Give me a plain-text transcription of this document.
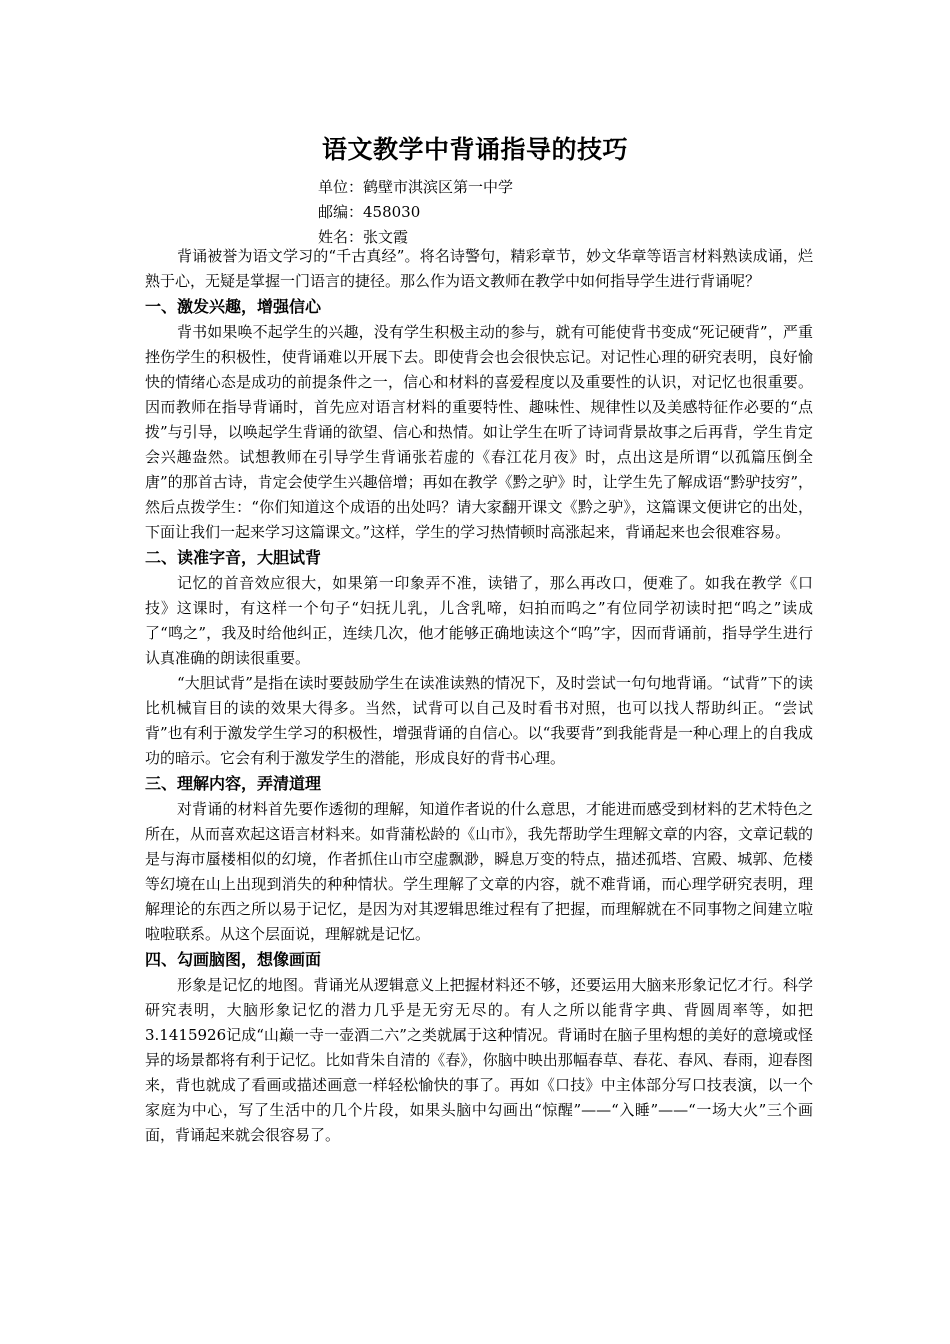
语文教学中背诵指导的技巧
单位：鹤壁市淇滨区第一中学
邮编：458030
姓名：张文霞

背诵被誉为语文学习的“千古真经”。将名诗警句，精彩章节，妙文华章等语言材料熟读成诵，烂熟于心，无疑是掌握一门语言的捷径。那么作为语文教师在教学中如何指导学生进行背诵呢？

一、激发兴趣，增强信心

背书如果唤不起学生的兴趣，没有学生积极主动的参与，就有可能使背书变成“死记硬背”，严重挫伤学生的积极性，使背诵难以开展下去。即使背会也会很快忘记。对记性心理的研究表明，良好愉快的情绪心态是成功的前提条件之一，信心和材料的喜爱程度以及重要性的认识，对记忆也很重要。因而教师在指导背诵时，首先应对语言材料的重要特性、趣味性、规律性以及美感特征作必要的“点拨”与引导，以唤起学生背诵的欲望、信心和热情。如让学生在听了诗词背景故事之后再背，学生肯定会兴趣盎然。试想教师在引导学生背诵张若虚的《春江花月夜》时，点出这是所谓“以孤篇压倒全唐”的那首古诗，肯定会使学生兴趣倍增；再如在教学《黔之驴》时，让学生先了解成语“黔驴技穷”，然后点拨学生：“你们知道这个成语的出处吗？请大家翻开课文《黔之驴》，这篇课文便讲它的出处，下面让我们一起来学习这篇课文。”这样，学生的学习热情顿时高涨起来，背诵起来也会很难容易。

二、读准字音，大胆试背

记忆的首音效应很大，如果第一印象弄不准，读错了，那么再改口，便难了。如我在教学《口技》这课时，有这样一个句子“妇抚儿乳，儿含乳啼，妇拍而呜之”有位同学初读时把“呜之”读成了“鸣之”，我及时给他纠正，连续几次，他才能够正确地读这个“呜”字，因而背诵前，指导学生进行认真准确的朗读很重要。

“大胆试背”是指在读时要鼓励学生在读准读熟的情况下，及时尝试一句句地背诵。“试背”下的读比机械盲目的读的效果大得多。当然，试背可以自己及时看书对照，也可以找人帮助纠正。“尝试背”也有利于激发学生学习的积极性，增强背诵的自信心。以“我要背”到我能背是一种心理上的自我成功的暗示。它会有利于激发学生的潜能，形成良好的背书心理。

三、理解内容，弄清道理

对背诵的材料首先要作透彻的理解，知道作者说的什么意思，才能进而感受到材料的艺术特色之所在，从而喜欢起这语言材料来。如背蒲松龄的《山市》，我先帮助学生理解文章的内容，文章记载的是与海市蜃楼相似的幻境，作者抓住山市空虚飘渺，瞬息万变的特点，描述孤塔、宫殿、城郭、危楼等幻境在山上出现到消失的种种情状。学生理解了文章的内容，就不难背诵，而心理学研究表明，理解理论的东西之所以易于记忆，是因为对其逻辑思维过程有了把握，而理解就在不同事物之间建立啦啦啦联系。从这个层面说，理解就是记忆。

四、勾画脑图，想像画面

形象是记忆的地图。背诵光从逻辑意义上把握材料还不够，还要运用大脑来形象记忆才行。科学研究表明，大脑形象记忆的潜力几乎是无穷无尽的。有人之所以能背字典、背圆周率等，如把3.1415926记成“山巅一寺一壶酒二六”之类就属于这种情况。背诵时在脑子里构想的美好的意境或怪异的场景都将有利于记忆。比如背朱自清的《春》，你脑中映出那幅春草、春花、春风、春雨，迎春图来，背也就成了看画或描述画意一样轻松愉快的事了。再如《口技》中主体部分写口技表演，以一个家庭为中心，写了生活中的几个片段，如果头脑中勾画出“惊醒”——“入睡”——“一场大火”三个画面，背诵起来就会很容易了。
